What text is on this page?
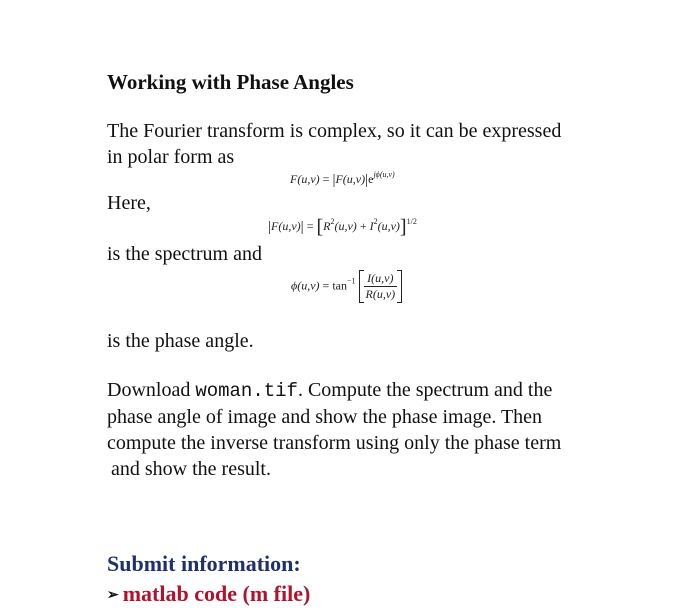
Working with Phase Angles
The Fourier transform is complex, so it can be expressed
in polar form as
$F(u,v) = |F(u,v)|e^{j\phi(u,v)}$
Here,
$|F(u,v)| = [R^2(u,v) + I^2(u,v)]^{1/2}$
is the spectrum and
$\phi(u,v) = \tan^{-1} \frac{I(u,v)}{R(u,v)}$
is the phase angle.
Download woman.tif. Compute the spectrum and the
phase angle of image and show the phase image. Then
compute the inverse transform using only the phase term
and show the result.
Submit information:
➢ matlab code (m file)
